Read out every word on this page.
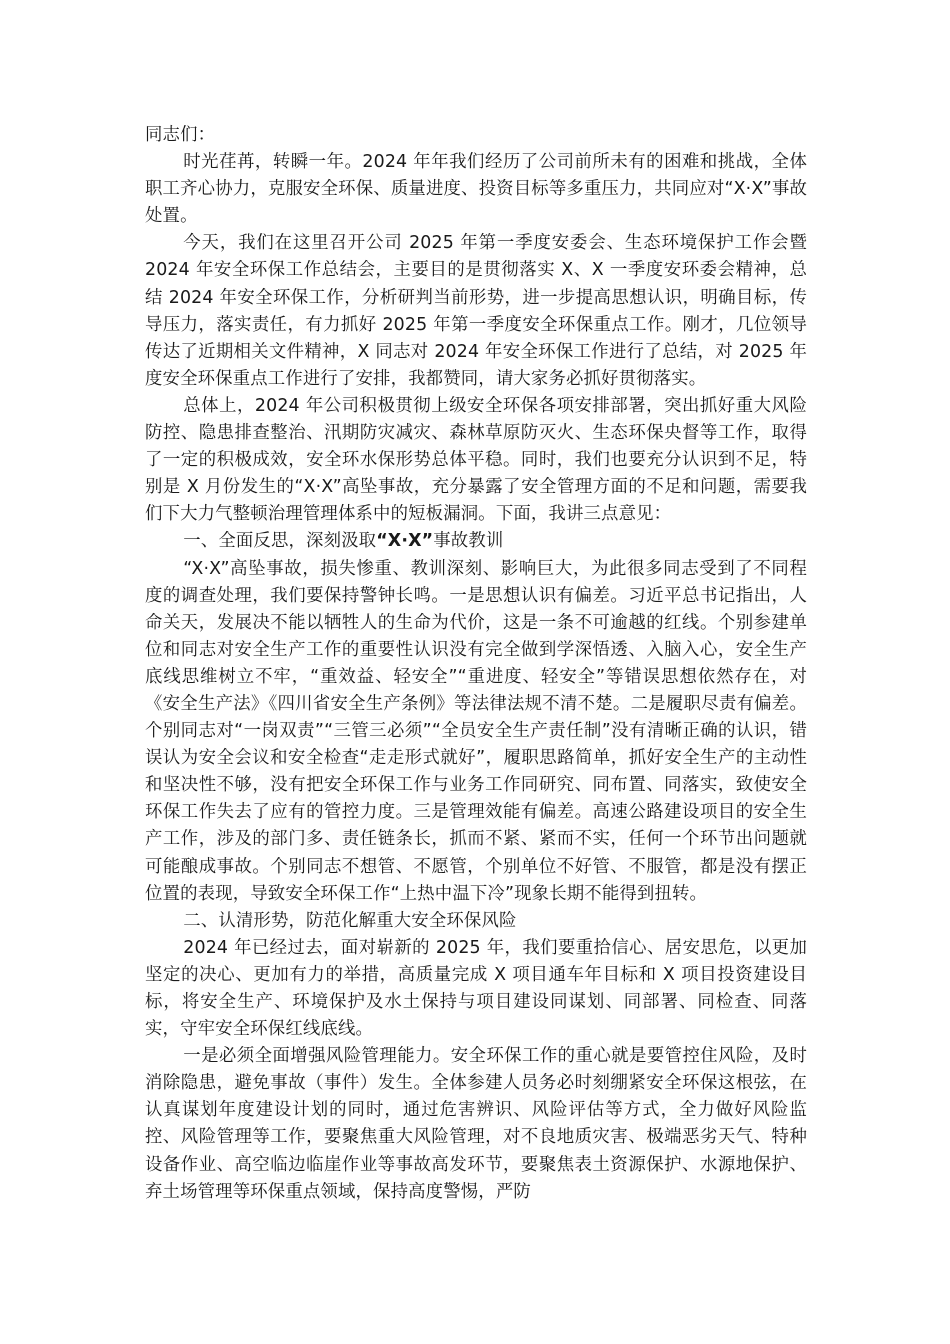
同志们：

时光荏苒，转瞬一年。2024 年年我们经历了公司前所未有的困难和挑战，全体职工齐心协力，克服安全环保、质量进度、投资目标等多重压力，共同应对“X·X”事故处置。

今天，我们在这里召开公司 2025 年第一季度安委会、生态环境保护工作会暨 2024 年安全环保工作总结会，主要目的是贯彻落实 X、X 一季度安环委会精神，总结 2024 年安全环保工作，分析研判当前形势，进一步提高思想认识，明确目标，传导压力，落实责任，有力抓好 2025 年第一季度安全环保重点工作。刚才，几位领导传达了近期相关文件精神，X 同志对 2024 年安全环保工作进行了总结，对 2025 年度安全环保重点工作进行了安排，我都赞同，请大家务必抓好贯彻落实。

总体上，2024 年公司积极贯彻上级安全环保各项安排部署，突出抓好重大风险防控、隐患排查整治、汛期防灾减灾、森林草原防灭火、生态环保央督等工作，取得了一定的积极成效，安全环水保形势总体平稳。同时，我们也要充分认识到不足，特别是 X 月份发生的“X·X”高坠事故，充分暴露了安全管理方面的不足和问题，需要我们下大力气整顿治理管理体系中的短板漏洞。下面，我讲三点意见：

一、全面反思，深刻汲取“X·X”事故教训

“X·X”高坠事故，损失惨重、教训深刻、影响巨大，为此很多同志受到了不同程度的调查处理，我们要保持警钟长鸣。一是思想认识有偏差。习近平总书记指出，人命关天，发展决不能以牺牲人的生命为代价，这是一条不可逾越的红线。个别参建单位和同志对安全生产工作的重要性认识没有完全做到学深悟透、入脑入心，安全生产底线思维树立不牢，“重效益、轻安全”“重进度、轻安全”等错误思想依然存在，对《安全生产法》《四川省安全生产条例》等法律法规不清不楚。二是履职尽责有偏差。个别同志对“一岗双责”“三管三必须”“全员安全生产责任制”没有清晰正确的认识，错误认为安全会议和安全检查“走走形式就好”，履职思路简单，抓好安全生产的主动性和坚决性不够，没有把安全环保工作与业务工作同研究、同布置、同落实，致使安全环保工作失去了应有的管控力度。三是管理效能有偏差。高速公路建设项目的安全生产工作，涉及的部门多、责任链条长，抓而不紧、紧而不实，任何一个环节出问题就可能酿成事故。个别同志不想管、不愿管，个别单位不好管、不服管，都是没有摆正位置的表现，导致安全环保工作“上热中温下冷”现象长期不能得到扭转。

二、认清形势，防范化解重大安全环保风险

2024 年已经过去，面对崭新的 2025 年，我们要重拾信心、居安思危，以更加坚定的决心、更加有力的举措，高质量完成 X 项目通车年目标和 X 项目投资建设目标，将安全生产、环境保护及水土保持与项目建设同谋划、同部署、同检查、同落实，守牢安全环保红线底线。

一是必须全面增强风险管理能力。安全环保工作的重心就是要管控住风险，及时消除隐患，避免事故（事件）发生。全体参建人员务必时刻绷紧安全环保这根弦，在认真谋划年度建设计划的同时，通过危害辨识、风险评估等方式，全力做好风险监控、风险管理等工作，要聚焦重大风险管理，对不良地质灾害、极端恶劣天气、特种设备作业、高空临边临崖作业等事故高发环节，要聚焦表土资源保护、水源地保护、弃土场管理等环保重点领域，保持高度警惕，严防
